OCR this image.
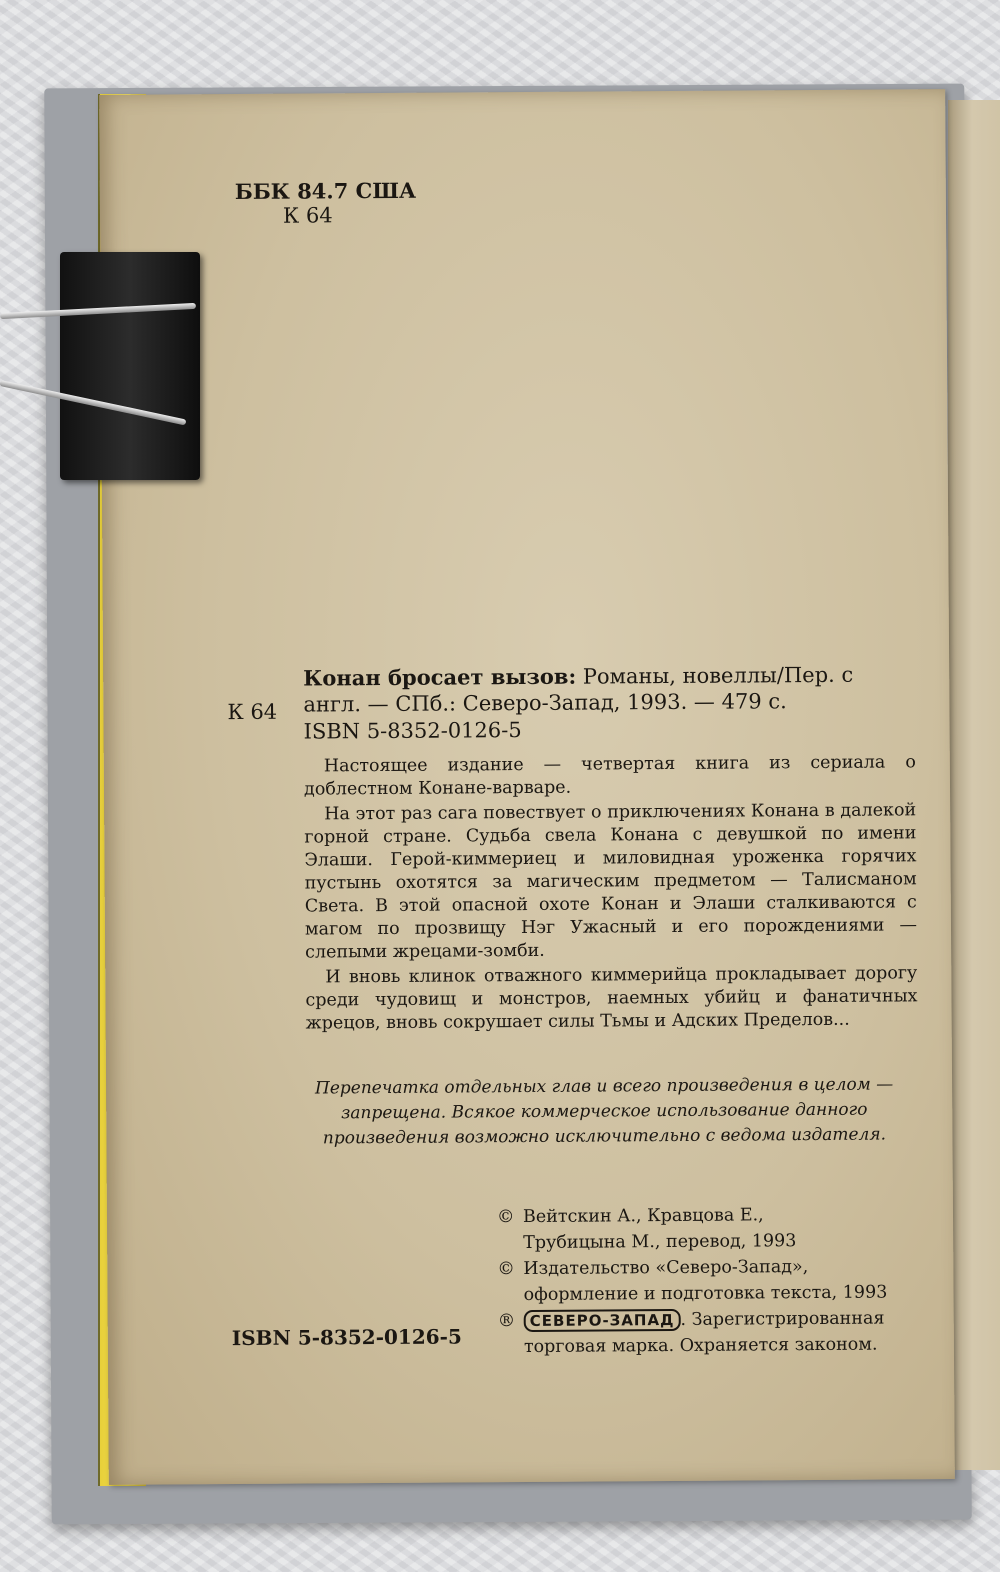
ББК 84.7 США
К 64
К 64
Конан бросает вызов: Романы, новеллы/Пер. с
англ. — СПб.: Северо-Запад, 1993. — 479 с.
ISBN 5-8352-0126-5

Настоящее издание — четвертая книга из сериала о доблестном Конане-варваре.

На этот раз сага повествует о приключениях Конана в далекой горной стране. Судьба свела Конана с девушкой по имени Элаши. Герой-киммериец и миловидная уроженка горячих пустынь охотятся за магическим предметом — Талисманом Света. В этой опасной охоте Конан и Элаши сталкиваются с магом по прозвищу Нэг Ужасный и его порождениями — слепыми жрецами-зомби.

И вновь клинок отважного киммерийца прокладывает дорогу среди чудовищ и монстров, наемных убийц и фанатичных жрецов, вновь сокрушает силы Тьмы и Адских Пределов...

Перепечатка отдельных глав и всего произведения в целом — запрещена. Всякое коммерческое использование данного произведения возможно исключительно с ведома издателя.
© Вейтскин А., Кравцова Е.,
Трубицына М., перевод, 1993
© Издательство «Северо-Запад»,
оформление и подготовка текста, 1993
® СЕВЕРО-ЗАПАД . Зарегистрированная
торговая марка. Охраняется законом.
ISBN 5-8352-0126-5
